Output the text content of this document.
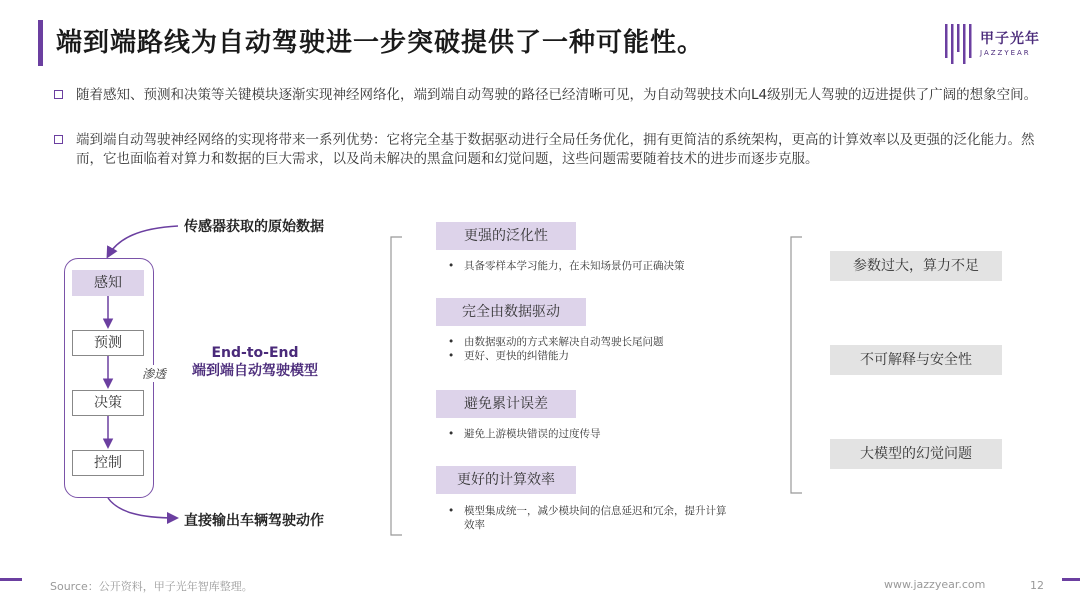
端到端路线为自动驾驶进一步突破提供了一种可能性。	甲子光年
JAZZYEAR
随着感知、预测和决策等关键模块逐渐实现神经网络化，端到端自动驾驶的路径已经清晰可见，为自动驾驶技术向L4级别无人驾驶的迈进提供了广阔的想象空间。
端到端自动驾驶神经网络的实现将带来一系列优势：它将完全基于数据驱动进行全局任务优化，拥有更简洁的系统架构，更高的计算效率以及更强的泛化能力。然而，它也面临着对算力和数据的巨大需求，以及尚未解决的黑盒问题和幻觉问题，这些问题需要随着技术的进步而逐步克服。
传感器获取的原始数据
直接输出车辆驾驶动作
感知
预测
决策
控制
渗透
End-to-End
端到端自动驾驶模型
更强的泛化性
• 具备零样本学习能力，在未知场景仍可正确决策
完全由数据驱动
• 由数据驱动的方式来解决自动驾驶长尾问题
• 更好、更快的纠错能力
避免累计误差
• 避免上游模块错误的过度传导
更好的计算效率
• 模型集成统一，减少模块间的信息延迟和冗余，提升计算效率
参数过大，算力不足
不可解释与安全性
大模型的幻觉问题
Source：公开资料，甲子光年智库整理。	www.jazzyear.com	12
